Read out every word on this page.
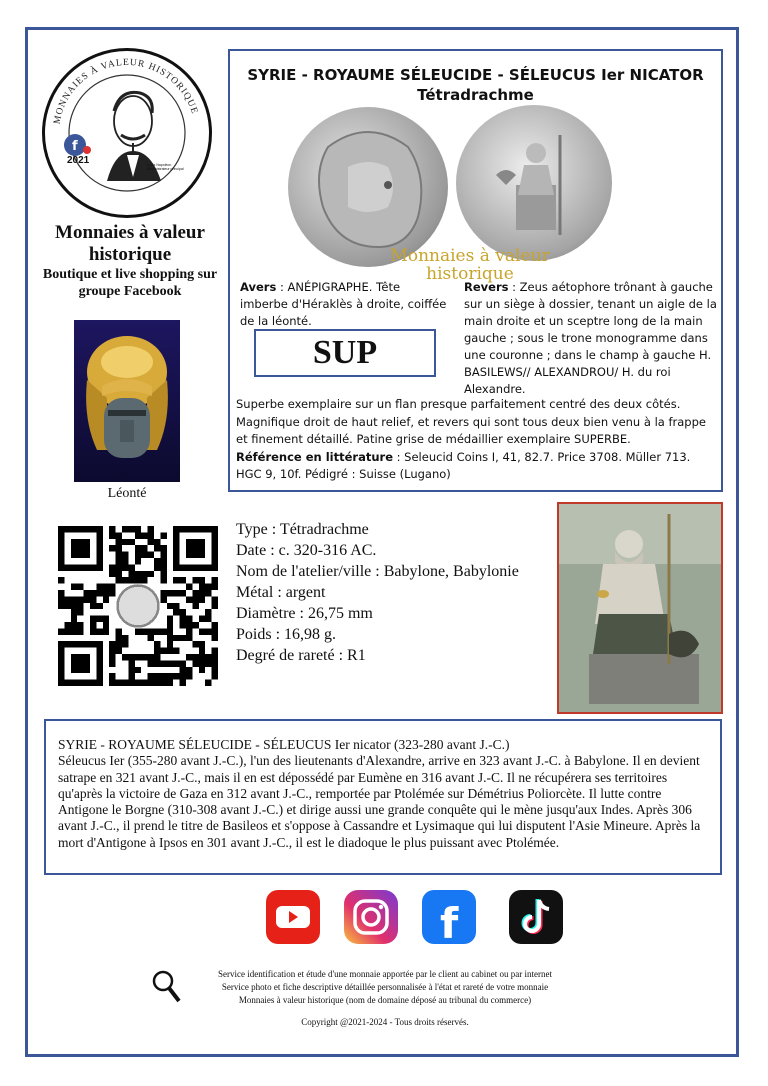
MONNAIES À VALEUR HISTORIQUE
f
2021	Louis Napoléon Administrateur principal
Monnaies à valeur historique
Boutique et live shopping sur groupe Facebook
Léonté
SYRIE - ROYAUME SÉLEUCIDE - SÉLEUCUS Ier NICATOR
Tétradrachme
Monnaies à valeur
historique
Avers : ANÉPIGRAPHE. Tête imberbe d'Héraklès à droite, coiffée de la léonté.
Revers : Zeus aétophore trônant à gauche sur un siège à dossier, tenant un aigle de la main droite et un sceptre long de la main gauche ; sous le trone monogramme dans une couronne ; dans le champ à gauche H. BASILEWS// ALEXANDROU/ H. du roi Alexandre.
SUP
Superbe exemplaire sur un flan presque parfaitement centré des deux côtés. Magnifique droit de haut relief, et revers qui sont tous deux bien venu à la frappe et finement détaillé. Patine grise de médaillier exemplaire SUPERBE.
Référence en littérature : Seleucid Coins I, 41, 82.7. Price 3708. Müller 713. HGC 9, 10f. Pédigré : Suisse (Lugano)
Type : Tétradrachme
Date : c. 320-316 AC.
Nom de l'atelier/ville : Babylone, Babylonie
Métal : argent
Diamètre : 26,75 mm
Poids : 16,98 g.
Degré de rareté : R1
SYRIE - ROYAUME SÉLEUCIDE - SÉLEUCUS Ier nicator (323-280 avant J.-C.)
Séleucus Ier (355-280 avant J.-C.), l'un des lieutenants d'Alexandre, arrive en 323 avant J.-C. à Babylone. Il en devient satrape en 321 avant J.-C., mais il en est dépossédé par Eumène en 316 avant J.-C. Il ne récupérera ses territoires qu'après la victoire de Gaza en 312 avant J.-C., remportée par Ptolémée sur Démétrius Poliorcète. Il lutte contre Antigone le Borgne (310-308 avant J.-C.) et dirige aussi une grande conquête qui le mène jusqu'aux Indes. Après 306 avant J.-C., il prend le titre de Basileos et s'oppose à Cassandre et Lysimaque qui lui disputent l'Asie Mineure. Après la mort d'Antigone à Ipsos en 301 avant J.-C., il est le diadoque le plus puissant avec Ptolémée.
f
Service identification et étude d'une monnaie apportée par le client au cabinet ou par internet
Service photo et fiche descriptive détaillée personnalisée à l'état et rareté de votre monnaie
Monnaies à valeur historique (nom de domaine déposé au tribunal du commerce)
Copyright @2021-2024 - Tous droits réservés.
